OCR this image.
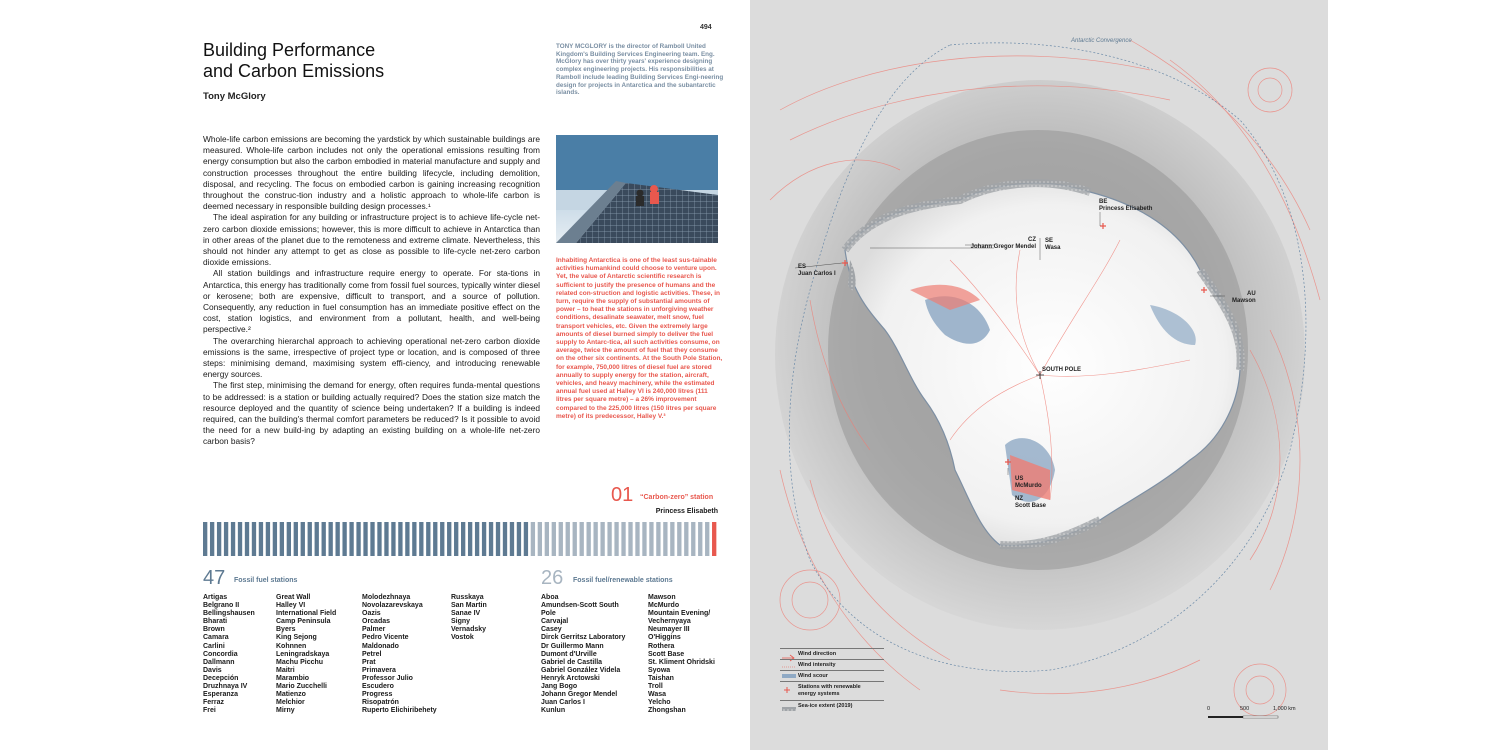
494
Building Performance
and Carbon Emissions
Tony McGlory
TONY MCGLORY is the director of Ramboll United Kingdom's Building Services Engineering team. Eng. McGlory has over thirty years' experience designing complex engineering projects. His responsibilities at Ramboll include leading Building Services Engi-neering design for projects in Antarctica and the subantarctic islands.

Whole-life carbon emissions are becoming the yardstick by which sustainable buildings are measured. Whole-life carbon includes not only the operational emissions resulting from energy consumption but also the carbon embodied in material manufacture and supply and construction processes throughout the entire building lifecycle, including demolition, disposal, and recycling. The focus on embodied carbon is gaining increasing recognition throughout the construc-tion industry and a holistic approach to whole-life carbon is deemed necessary in responsible building design processes.¹

The ideal aspiration for any building or infrastructure project is to achieve life-cycle net-zero carbon dioxide emissions; however, this is more difficult to achieve in Antarctica than in other areas of the planet due to the remoteness and extreme climate. Nevertheless, this should not hinder any attempt to get as close as possible to life-cycle net-zero carbon dioxide emissions.

All station buildings and infrastructure require energy to operate. For sta-tions in Antarctica, this energy has traditionally come from fossil fuel sources, typically winter diesel or kerosene; both are expensive, difficult to transport, and a source of pollution. Consequently, any reduction in fuel consumption has an immediate positive effect on the cost, station logistics, and environment from a pollutant, health, and well-being perspective.²

The overarching hierarchal approach to achieving operational net-zero carbon dioxide emissions is the same, irrespective of project type or location, and is composed of three steps: minimising demand, maximising system effi-ciency, and introducing renewable energy sources.

The first step, minimising the demand for energy, often requires funda-mental questions to be addressed: is a station or building actually required? Does the station size match the resource deployed and the quantity of science being undertaken? If a building is indeed required, can the building's thermal comfort parameters be reduced? Is it possible to avoid the need for a new build-ing by adapting an existing building on a whole-life net-zero carbon basis?

Inhabiting Antarctica is one of the least sus-tainable activities humankind could choose to venture upon. Yet, the value of Antarctic scientific research is sufficient to justify the presence of humans and the related con-struction and logistic activities. These, in turn, require the supply of substantial amounts of power – to heat the stations in unforgiving weather conditions, desalinate seawater, melt snow, fuel transport vehicles, etc. Given the extremely large amounts of diesel burned simply to deliver the fuel supply to Antarc-tica, all such activities consume, on average, twice the amount of fuel that they consume on the other six continents. At the South Pole Station, for example, 750,000 litres of diesel fuel are stored annually to supply energy for the station, aircraft, vehicles, and heavy machinery, while the estimated annual fuel used at Halley VI is 240,000 litres (111 litres per square metre) – a 26% improvement compared to the 225,000 litres (150 litres per square metre) of its predecessor, Halley V.³
01 “Carbon-zero” station
Princess Elisabeth
47 Fossil fuel stations	26 Fossil fuel/renewable stations
Artigas
Belgrano II
Bellingshausen
Bharati
Brown
Camara
Carlini
Concordia
Dallmann
Davis
Decepción
Druzhnaya IV
Esperanza
Ferraz
Frei
Great Wall
Halley VI
International Field
Camp Peninsula
Byers
King Sejong
Kohnnen
Leningradskaya
Machu Picchu
Maitri
Marambio
Mario Zucchelli
Matienzo
Melchior
Mirny
Molodezhnaya
Novolazarevskaya
Oazis
Orcadas
Palmer
Pedro Vicente
Maldonado
Petrel
Prat
Primavera
Professor Julio
Escudero
Progress
Risopatrón
Ruperto Elichiribehety
Russkaya
San Martin
Sanae IV
Signy
Vernadsky
Vostok
Aboa
Amundsen-Scott South
Pole
Carvajal
Casey
Dirck Gerritsz Laboratory
Dr Guillermo Mann
Dumont d'Urville
Gabriel de Castilla
Gabriel González Videla
Henryk Arctowski
Jang Bogo
Johann Gregor Mendel
Juan Carlos I
Kunlun
Mawson
McMurdo
Mountain Evening/
Vechernyaya
Neumayer III
O'Higgins
Rothera
Scott Base
St. Kliment Ohridski
Syowa
Taishan
Troll
Wasa
Yelcho
Zhongshan
Antarctic Convergence
BE
Princess Elisabeth
CZ
Johann Gregor Mendel
SE
Wasa
ES
Juan Carlos I
AU
Mawson
SOUTH POLE
US
McMurdo
NZ
Scott Base
Wind direction
Wind intensity
Wind scour
Stations with renewable energy systems
Sea-ice extent (2019)	0	500	1,000 km
